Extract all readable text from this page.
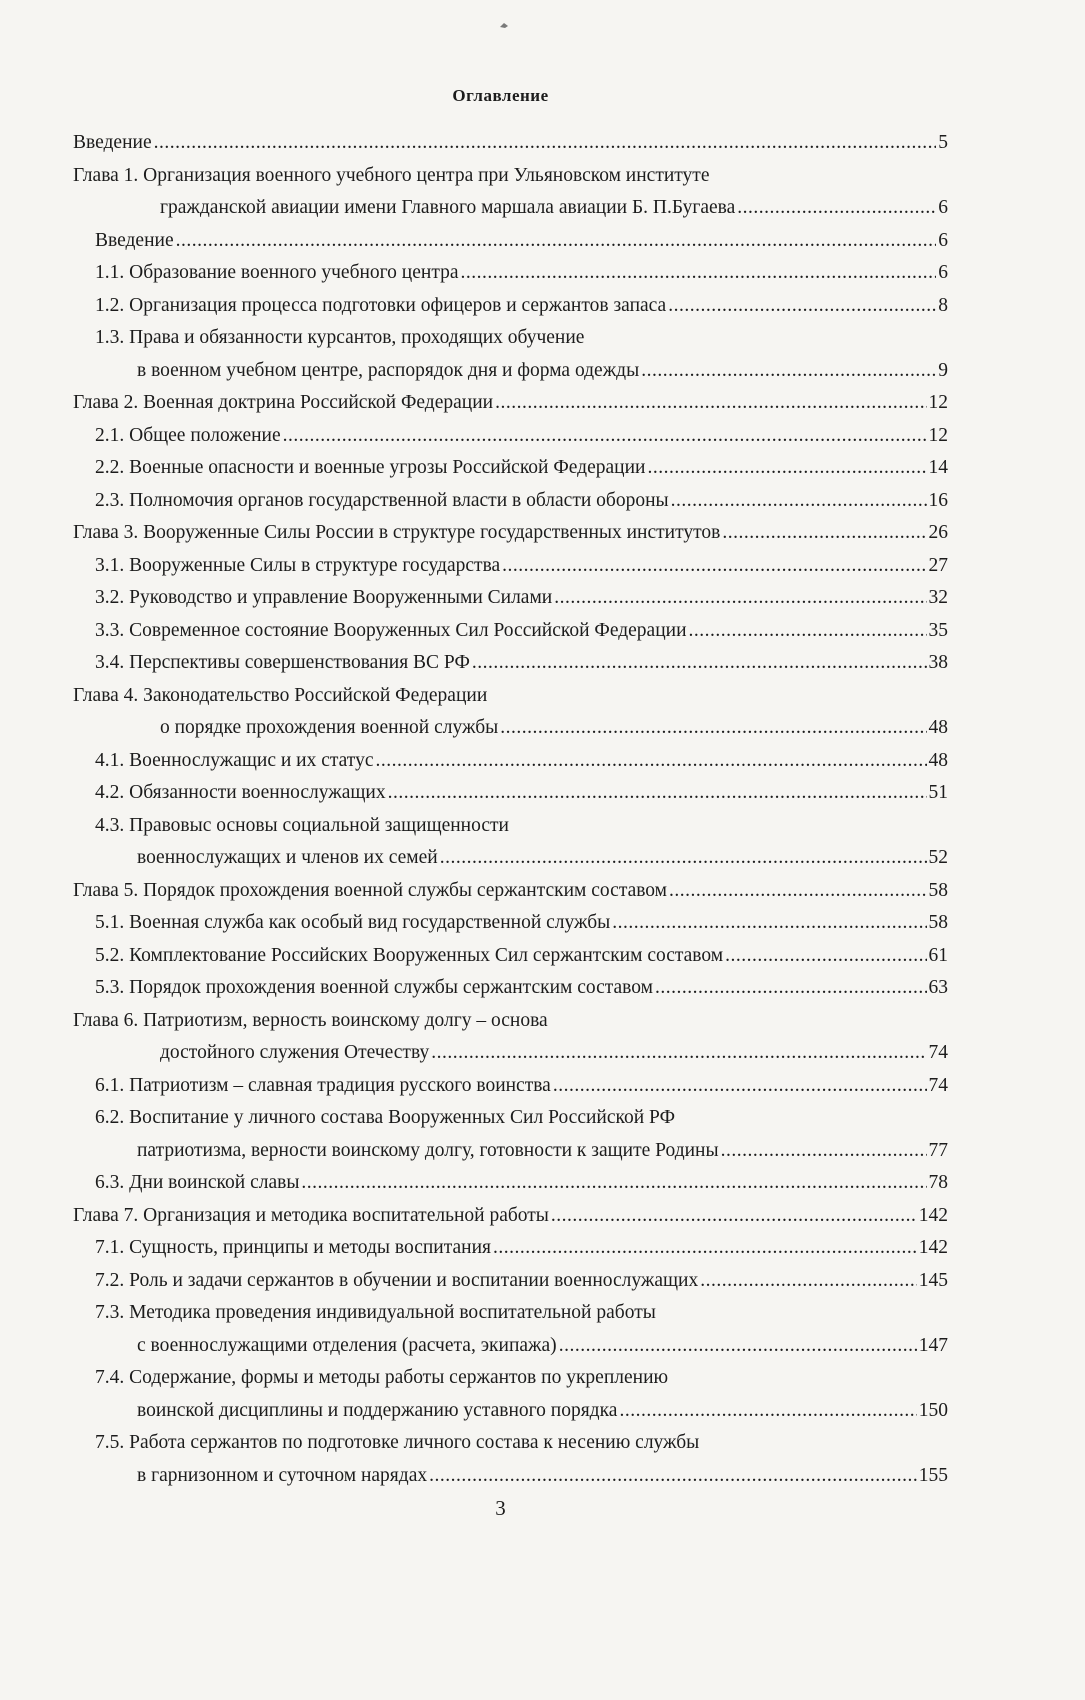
Оглавление
Введение .....	5
Глава 1. Организация военного учебного центра при Ульяновском институте
гражданской авиации имени Главного маршала авиации Б. П.Бугаева .....	6
Введение .....	6
1.1. Образование военного учебного центра .....	6
1.2. Организация процесса подготовки офицеров и сержантов запаса .....	8
1.3. Права и обязанности курсантов, проходящих обучение
в военном учебном центре, распорядок дня и форма одежды .....	9
Глава 2. Военная доктрина Российской Федерации .....	12
2.1. Общее положение .....	12
2.2. Военные опасности и военные угрозы Российской Федерации .....	14
2.3. Полномочия органов государственной власти в области обороны .....	16
Глава 3. Вооруженные Силы России в структуре государственных институтов .....	26
3.1. Вооруженные Силы в структуре государства .....	27
3.2. Руководство и управление Вооруженными Силами .....	32
3.3. Современное состояние Вооруженных Сил Российской Федерации .....	35
3.4. Перспективы совершенствования ВС РФ .....	38
Глава 4. Законодательство Российской Федерации
о порядке прохождения военной службы .....	48
4.1. Военнослужащис и их статус .....	48
4.2. Обязанности военнослужащих .....	51
4.3. Правовыс основы социальной защищенности
военнослужащих и членов их семей .....	52
Глава 5. Порядок прохождения военной службы сержантским составом .....	58
5.1. Военная служба как особый вид государственной службы .....	58
5.2. Комплектование Российских Вооруженных Сил сержантским составом .....	61
5.3. Порядок прохождения военной службы сержантским составом .....	63
Глава 6. Патриотизм, верность воинскому долгу – основа
достойного служения Отечеству .....	74
6.1. Патриотизм – славная традиция русского воинства .....	74
6.2. Воспитание у личного состава Вооруженных Сил Российской РФ
патриотизма, верности воинскому долгу, готовности к защите Родины .....	77
6.3. Дни воинской славы .....	78
Глава 7. Организация и методика воспитательной работы .....	142
7.1. Сущность, принципы и методы воспитания .....	142
7.2. Роль и задачи сержантов в обучении и воспитании военнослужащих .....	145
7.3. Методика проведения индивидуальной воспитательной работы
с военнослужащими отделения (расчета, экипажа) .....	147
7.4. Содержание, формы и методы работы сержантов по укреплению
воинской дисциплины и поддержанию уставного порядка .....	150
7.5. Работа сержантов по подготовке личного состава к несению службы
в гарнизонном и суточном нарядах .....	155
3
